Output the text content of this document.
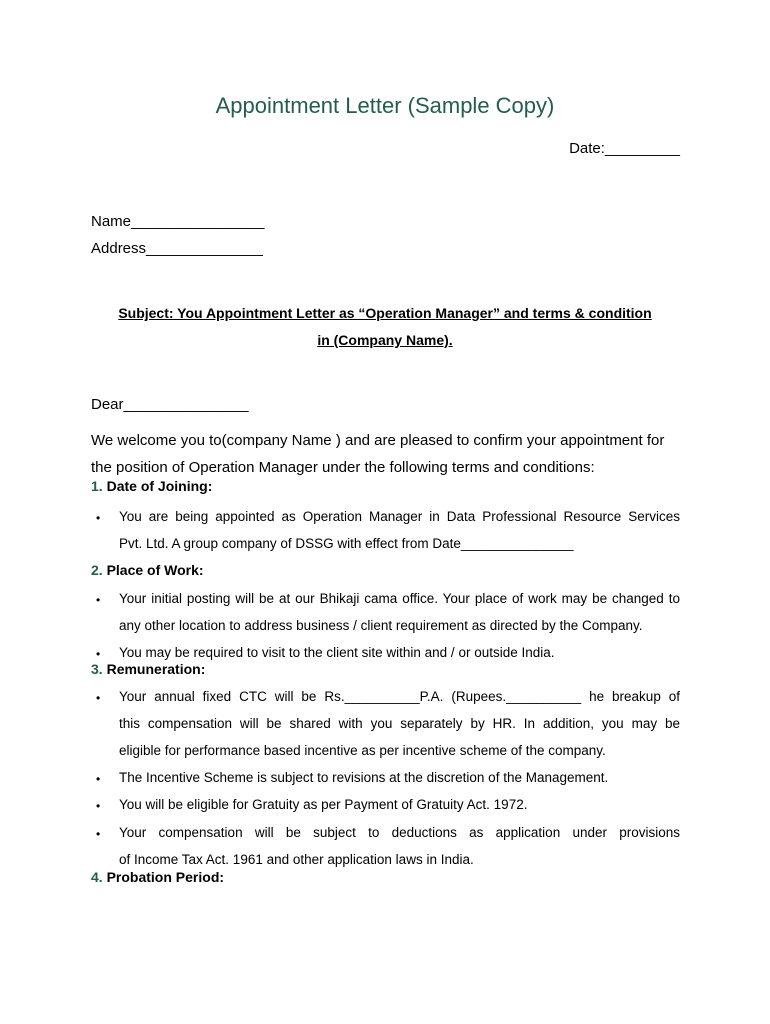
Appointment Letter (Sample Copy)
Date:_________
Name________________
Address______________
Subject: You Appointment Letter as “Operation Manager” and terms & condition
in (Company Name).
Dear_______________
We welcome you to(company Name ) and are pleased to confirm your appointment for
the position of Operation Manager under the following terms and conditions:
1. Date of Joining:
• You are being appointed as Operation Manager in Data Professional Resource Services
Pvt. Ltd. A group company of DSSG with effect from Date_______________
2. Place of Work:
• Your initial posting will be at our Bhikaji cama office. Your place of work may be changed to
any other location to address business / client requirement as directed by the Company.
• You may be required to visit to the client site within and / or outside India.
3. Remuneration:
• Your annual fixed CTC will be Rs.__________P.A. (Rupees.__________ he breakup of
this compensation will be shared with you separately by HR. In addition, you may be
eligible for performance based incentive as per incentive scheme of the company.
• The Incentive Scheme is subject to revisions at the discretion of the Management.
• You will be eligible for Gratuity as per Payment of Gratuity Act. 1972.
• Your compensation will be subject to deductions as application under provisions
of Income Tax Act. 1961 and other application laws in India.
4. Probation Period:
